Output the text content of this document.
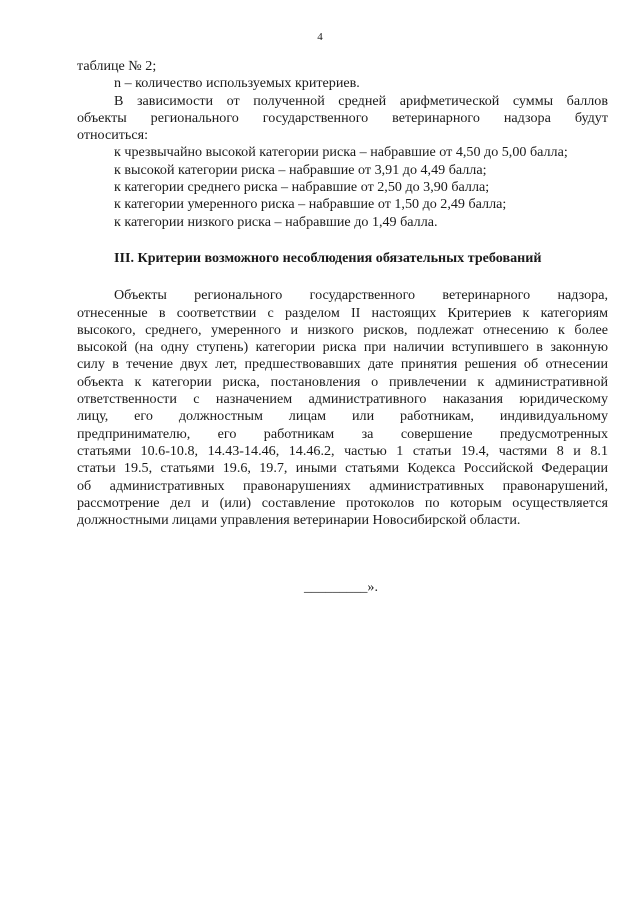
4
таблице № 2;
n – количество используемых критериев.
В зависимости от полученной средней арифметической суммы баллов
объекты регионального государственного ветеринарного надзора будут
относиться:
к чрезвычайно высокой категории риска – набравшие от 4,50 до 5,00 балла;
к высокой категории риска – набравшие от 3,91 до 4,49 балла;
к категории среднего риска – набравшие от 2,50 до 3,90 балла;
к категории умеренного риска – набравшие от 1,50 до 2,49 балла;
к категории низкого риска – набравшие до 1,49 балла.
III. Критерии возможного несоблюдения обязательных требований
Объекты регионального государственного ветеринарного надзора,
отнесенные в соответствии с разделом II настоящих Критериев к категориям
высокого, среднего, умеренного и низкого рисков, подлежат отнесению к более
высокой (на одну ступень) категории риска при наличии вступившего в законную
силу в течение двух лет, предшествовавших дате принятия решения об отнесении
объекта к категории риска, постановления о привлечении к административной
ответственности с назначением административного наказания юридическому
лицу, его должностным лицам или работникам, индивидуальному
предпринимателю, его работникам за совершение предусмотренных
статьями 10.6-10.8, 14.43-14.46, 14.46.2, частью 1 статьи 19.4, частями 8 и 8.1
статьи 19.5, статьями 19.6, 19.7, иными статьями Кодекса Российской Федерации
об административных правонарушениях административных правонарушений,
рассмотрение дел и (или) составление протоколов по которым осуществляется
должностными лицами управления ветеринарии Новосибирской области.
_________».
